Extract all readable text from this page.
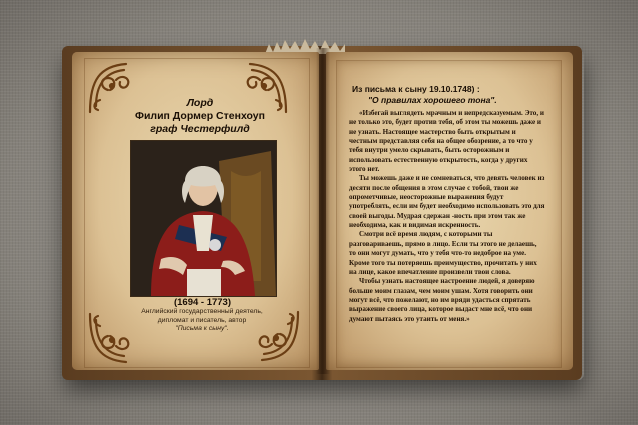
Лорд
Филип Дормер Стенхоуп
граф Честерфилд
(1694 - 1773)
Английский государственный деятель,
дипломат и писатель, автор
"Письма к сыну".
Из письма к сыну 19.10.1748) :
"О правилах хорошего тона".

«Избегай выглядеть мрачным и непредсказуемым. Это, и не только это, будет против тебя, об этом ты можешь даже и не узнать. Настоящее мастерство быть открытым и честным представляя себя на общее обозрение, а то что у тебя внутри умело скрывать, быть осторожным и использовать естественную открытость, когда у других этого нет.

Ты можешь даже и не сомневаться, что девять человек из десяти после общения в этом случае с тобой, твои же опрометчивые, неосторожные выражения будут употреблять, если им будет необходимо использовать это для своей выгоды. Мудрая сдержан -ность при этом так же необходима, как и видимая искренность.

Смотри всё время людям, с которыми ты разговариваешь, прямо в лицо. Если ты этого не делаешь, то они могут думать, что у тебя что-то недоброе на уме. Кроме того ты потеряешь преимущество, прочитать у них на лице, какое впечатление произвели твои слова.

Чтобы узнать настоящее настроение людей, я доверяю больше моим глазам, чем моим ушам. Хотя говорить они могут всё, что пожелают, но им вряди удасться спрятать выражение своего лица, которое выдаст мне всё, что они думают пытаясь это утаить от меня.»
